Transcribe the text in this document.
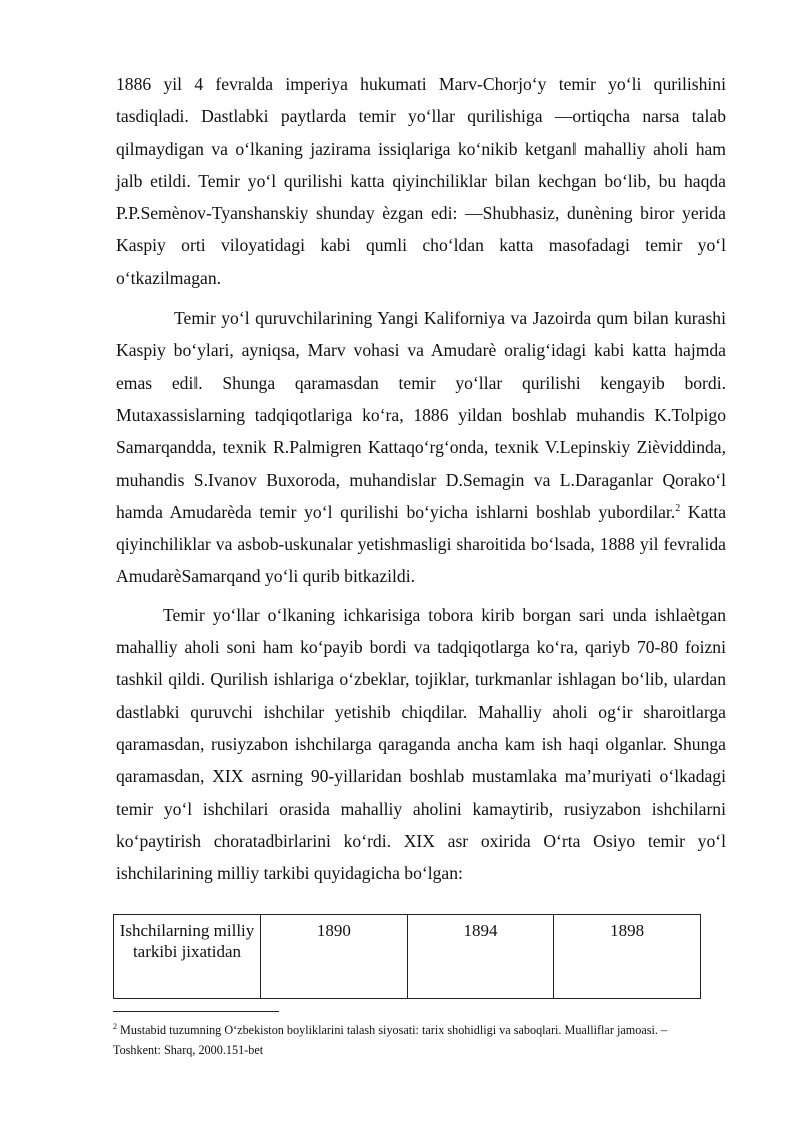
1886 yil 4 fevralda imperiya hukumati Marv-Chorjo‘y temir yo‘li qurilishini tasdiqladi. Dastlabki paytlarda temir yo‘llar qurilishiga ―ortiqcha narsa talab qilmaydigan va o‘lkaning jazirama issiqlariga ko‘nikib ketgan‖ mahalliy aholi ham jalb etildi. Temir yo‘l qurilishi katta qiyinchiliklar bilan kechgan bo‘lib, bu haqda P.P.Semènov-Tyanshanskiy shunday ѐzgan edi: ―Shubhasiz, dunѐning biror yerida Kaspiy orti viloyatidagi kabi qumli cho‘ldan katta masofadagi temir yo‘l o‘tkazilmagan.

Temir yo‘l quruvchilarining Yangi Kaliforniya va Jazoirda qum bilan kurashi Kaspiy bo‘ylari, ayniqsa, Marv vohasi va Amudarѐ oralig‘idagi kabi katta hajmda emas edi‖. Shunga qaramasdan temir yo‘llar qurilishi kengayib bordi. Mutaxassislarning tadqiqotlariga ko‘ra, 1886 yildan boshlab muhandis K.Tolpigo Samarqandda, texnik R.Palmigren Kattaqo‘rg‘onda, texnik V.Lepinskiy Ziѐviddinda, muhandis S.Ivanov Buxoroda, muhandislar D.Semagin va L.Daraganlar Qorako‘l hamda Amudarѐda temir yo‘l qurilishi bo‘yicha ishlarni boshlab yubordilar.$^2$ Katta qiyinchiliklar va asbob-uskunalar yetishmasligi sharoitida bo‘lsada, 1888 yil fevralida AmudarѐSamarqand yo‘li qurib bitkazildi.

Temir yo‘llar o‘lkaning ichkarisiga tobora kirib borgan sari unda ishlaѐtgan mahalliy aholi soni ham ko‘payib bordi va tadqiqotlarga ko‘ra, qariyb 70-80 foizni tashkil qildi. Qurilish ishlariga o‘zbeklar, tojiklar, turkmanlar ishlagan bo‘lib, ulardan dastlabki quruvchi ishchilar yetishib chiqdilar. Mahalliy aholi og‘ir sharoitlarga qaramasdan, rusiyzabon ishchilarga qaraganda ancha kam ish haqi olganlar. Shunga qaramasdan, XIX asrning 90-yillaridan boshlab mustamlaka ma’muriyati o‘lkadagi temir yo‘l ishchilari orasida mahalliy aholini kamaytirib, rusiyzabon ishchilarni ko‘paytirish choratadbirlarini ko‘rdi. XIX asr oxirida O‘rta Osiyo temir yo‘l ishchilarining milliy tarkibi quyidagicha bo‘lgan:

Ishchilarning milliy tarkibi jixatidan	1890	1894	1898
$^2$ Mustabid tuzumning O‘zbekiston boyliklarini talash siyosati: tarix shohidligi va saboqlari. Mualliflar jamoasi. – Toshkent: Sharq, 2000.151-bet
